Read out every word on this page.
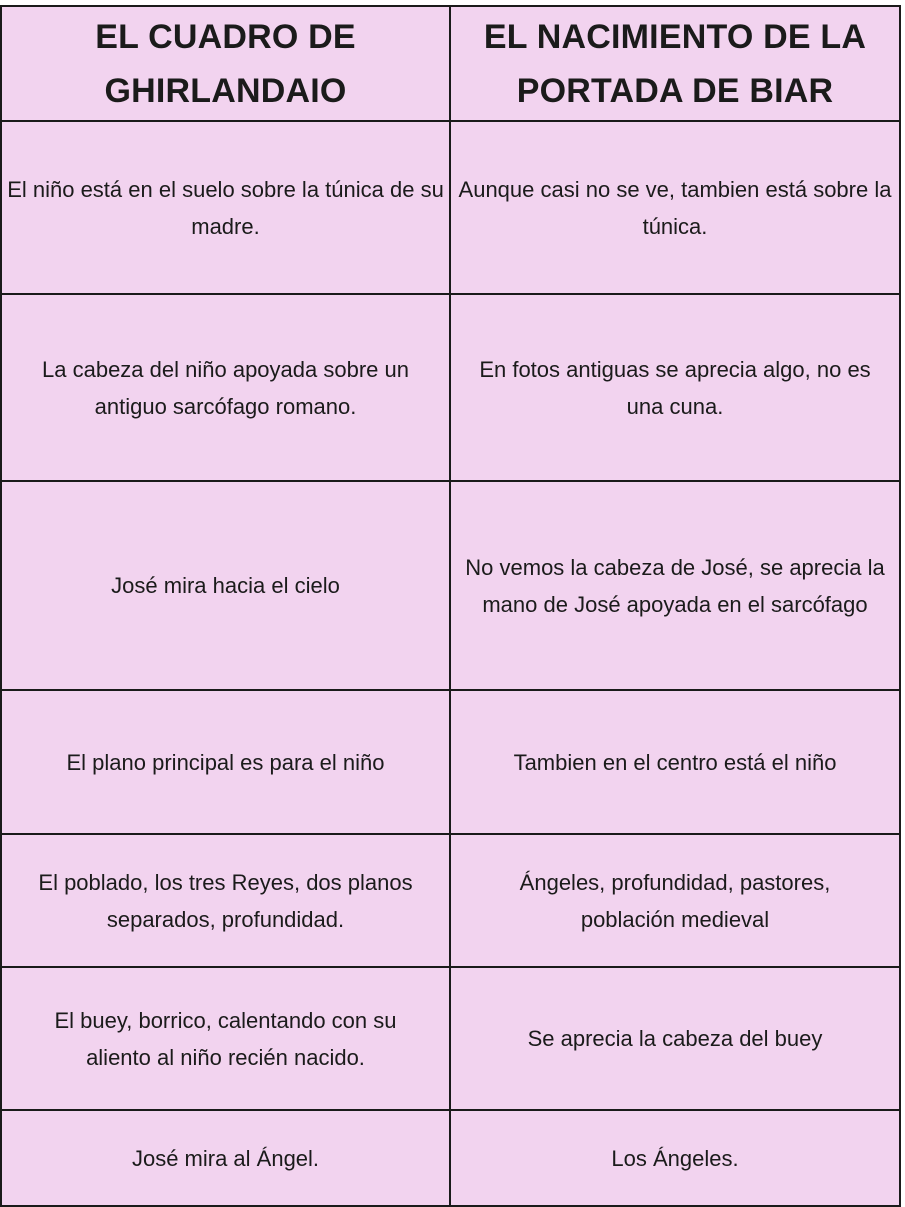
EL CUADRO DE GHIRLANDAIO	EL NACIMIENTO DE LA PORTADA DE BIAR
El niño está en el suelo sobre la túnica de su madre.	Aunque casi no se ve, tambien está sobre la túnica.
La cabeza del niño apoyada sobre un antiguo sarcófago romano.	En fotos antiguas se aprecia algo, no es una cuna.
José mira hacia el cielo	No vemos la cabeza de José, se aprecia la mano de José apoyada en el sarcófago
El plano principal es para el niño	Tambien en el centro está el niño
El poblado, los tres Reyes, dos planos separados, profundidad.	Ángeles, profundidad, pastores, población medieval
El buey, borrico, calentando con su aliento al niño recién nacido.	Se aprecia la cabeza del buey
José mira al Ángel.	Los Ángeles.
